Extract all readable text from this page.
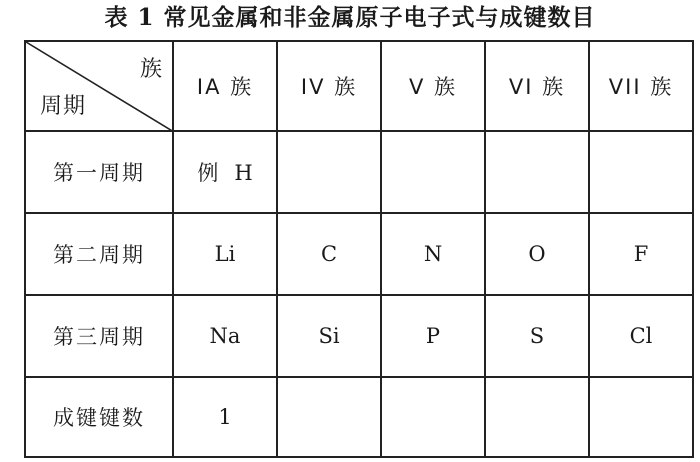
表 1 常见金属和非金属原子电子式与成键数目
族
周期	IA 族	IV 族	V 族	VI 族	VII 族
第一周期	例 H				
第二周期	Li	C	N	O	F
第三周期	Na	Si	P	S	Cl
成键键数	1				
